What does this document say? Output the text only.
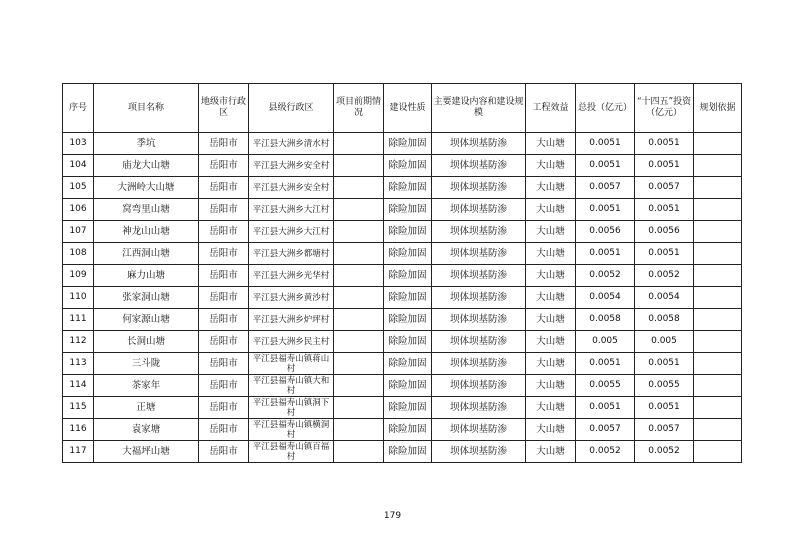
序号	项目名称	地级市行政区	县级行政区	项目前期情况	建设性质	主要建设内容和建设规模	工程效益	总投（亿元）	“十四五”投资（亿元）	规划依据
103	季坑	岳阳市	平江县大洲乡清水村		除险加固	坝体坝基防渗	大山塘	0.0051	0.0051	
104	庙龙大山塘	岳阳市	平江县大洲乡安全村		除险加固	坝体坝基防渗	大山塘	0.0051	0.0051	
105	大洲岭大山塘	岳阳市	平江县大洲乡安全村		除险加固	坝体坝基防渗	大山塘	0.0057	0.0057	
106	窝弯里山塘	岳阳市	平江县大洲乡大江村		除险加固	坝体坝基防渗	大山塘	0.0051	0.0051	
107	神龙山山塘	岳阳市	平江县大洲乡大江村		除险加固	坝体坝基防渗	大山塘	0.0056	0.0056	
108	江西洞山塘	岳阳市	平江县大洲乡都塘村		除险加固	坝体坝基防渗	大山塘	0.0051	0.0051	
109	麻力山塘	岳阳市	平江县大洲乡光华村		除险加固	坝体坝基防渗	大山塘	0.0052	0.0052	
110	张家洞山塘	岳阳市	平江县大洲乡黄沙村		除险加固	坝体坝基防渗	大山塘	0.0054	0.0054	
111	何家源山塘	岳阳市	平江县大洲乡炉坪村		除险加固	坝体坝基防渗	大山塘	0.0058	0.0058	
112	长洞山塘	岳阳市	平江县大洲乡民主村		除险加固	坝体坝基防渗	大山塘	0.005	0.005	
113	三斗陇	岳阳市	平江县福寿山镇蒋山村		除险加固	坝体坝基防渗	大山塘	0.0051	0.0051	
114	茶家年	岳阳市	平江县福寿山镇大和村		除险加固	坝体坝基防渗	大山塘	0.0055	0.0055	
115	正塘	岳阳市	平江县福寿山镇洞下村		除险加固	坝体坝基防渗	大山塘	0.0051	0.0051	
116	袁家塘	岳阳市	平江县福寿山镇横洞村		除险加固	坝体坝基防渗	大山塘	0.0057	0.0057	
117	大福坪山塘	岳阳市	平江县福寿山镇百福村		除险加固	坝体坝基防渗	大山塘	0.0052	0.0052	
179
